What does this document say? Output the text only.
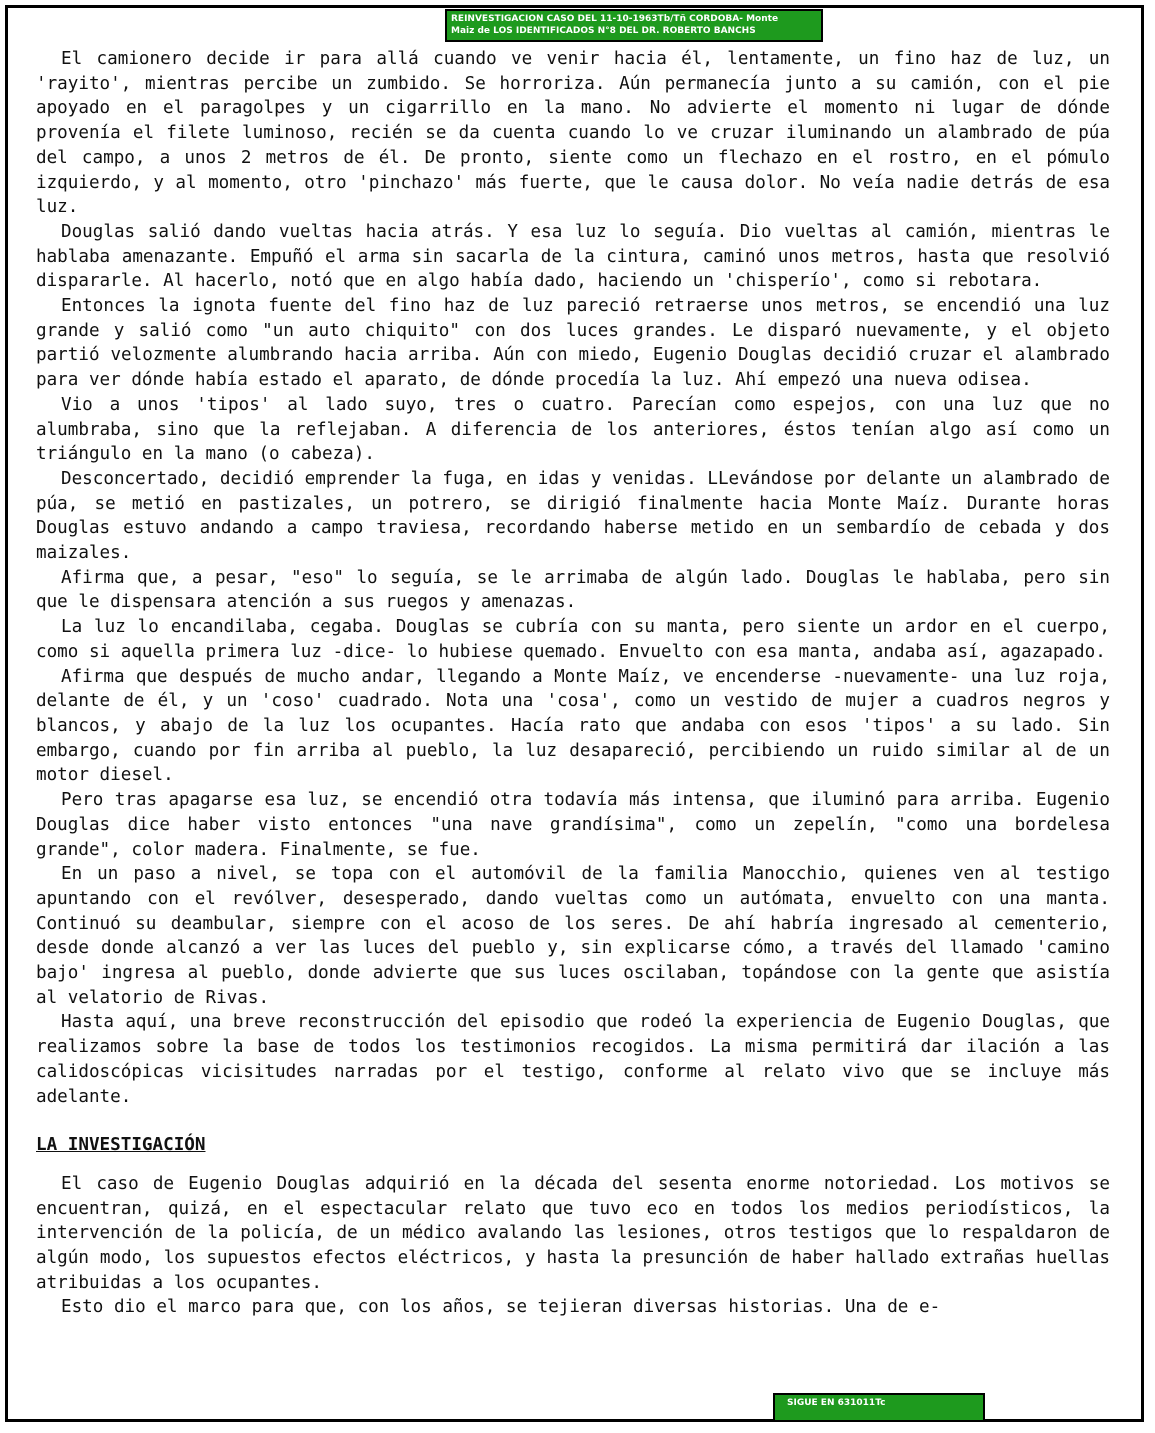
REINVESTIGACION CASO DEL 11-10-1963Tb/Tñ CORDOBA- Monte
Maiz de LOS IDENTIFICADOS N°8 DEL DR. ROBERTO BANCHS

El camionero decide ir para allá cuando ve venir hacia él, lentamente, un fino haz de luz, un 'rayito', mientras percibe un zumbido. Se horroriza. Aún permanecía junto a su camión, con el pie apoyado en el paragolpes y un cigarrillo en la mano. No advierte el momento ni lugar de dónde provenía el filete luminoso, recién se da cuenta cuando lo ve cruzar iluminando un alambrado de púa del campo, a unos 2 metros de él. De pronto, siente como un flechazo en el rostro, en el pómulo izquierdo, y al momento, otro 'pinchazo' más fuerte, que le causa dolor. No veía nadie detrás de esa luz.

Douglas salió dando vueltas hacia atrás. Y esa luz lo seguía. Dio vueltas al camión, mientras le hablaba amenazante. Empuñó el arma sin sacarla de la cintura, caminó unos metros, hasta que resolvió dispararle. Al hacerlo, notó que en algo había dado, haciendo un 'chisperío', como si rebotara.

Entonces la ignota fuente del fino haz de luz pareció retraerse unos metros, se encendió una luz grande y salió como "un auto chiquito" con dos luces grandes. Le disparó nuevamente, y el objeto partió velozmente alumbrando hacia arriba. Aún con miedo, Eugenio Douglas decidió cruzar el alambrado para ver dónde había estado el aparato, de dónde procedía la luz. Ahí empezó una nueva odisea.

Vio a unos 'tipos' al lado suyo, tres o cuatro. Parecían como espejos, con una luz que no alumbraba, sino que la reflejaban. A diferencia de los anteriores, éstos tenían algo así como un triángulo en la mano (o cabeza).

Desconcertado, decidió emprender la fuga, en idas y venidas. LLevándose por delante un alambrado de púa, se metió en pastizales, un potrero, se dirigió finalmente hacia Monte Maíz. Durante horas Douglas estuvo andando a campo traviesa, recordando haberse metido en un sembardío de cebada y dos maizales.

Afirma que, a pesar, "eso" lo seguía, se le arrimaba de algún lado. Douglas le hablaba, pero sin que le dispensara atención a sus ruegos y amenazas.

La luz lo encandilaba, cegaba. Douglas se cubría con su manta, pero siente un ardor en el cuerpo, como si aquella primera luz -dice- lo hubiese quemado. Envuelto con esa manta, andaba así, agazapado.

Afirma que después de mucho andar, llegando a Monte Maíz, ve encenderse -nuevamente- una luz roja, delante de él, y un 'coso' cuadrado. Nota una 'cosa', como un vestido de mujer a cuadros negros y blancos, y abajo de la luz los ocupantes. Hacía rato que andaba con esos 'tipos' a su lado. Sin embargo, cuando por fin arriba al pueblo, la luz desapareció, percibiendo un ruido similar al de un motor diesel.

Pero tras apagarse esa luz, se encendió otra todavía más intensa, que iluminó para arriba. Eugenio Douglas dice haber visto entonces "una nave grandísima", como un zepelín, "como una bordelesa grande", color madera. Finalmente, se fue.

En un paso a nivel, se topa con el automóvil de la familia Manocchio, quienes ven al testigo apuntando con el revólver, desesperado, dando vueltas como un autómata, envuelto con una manta. Continuó su deambular, siempre con el acoso de los seres. De ahí habría ingresado al cementerio, desde donde alcanzó a ver las luces del pueblo y, sin explicarse cómo, a través del llamado 'camino bajo' ingresa al pueblo, donde advierte que sus luces oscilaban, topándose con la gente que asistía al velatorio de Rivas.

Hasta aquí, una breve reconstrucción del episodio que rodeó la experiencia de Eugenio Douglas, que realizamos sobre la base de todos los testimonios recogidos. La misma permitirá dar ilación a las calidoscópicas vicisitudes narradas por el testigo, conforme al relato vivo que se incluye más adelante.

LA INVESTIGACIÓN

El caso de Eugenio Douglas adquirió en la década del sesenta enorme notoriedad. Los motivos se encuentran, quizá, en el espectacular relato que tuvo eco en todos los medios periodísticos, la intervención de la policía, de un médico avalando las lesiones, otros testigos que lo respaldaron de algún modo, los supuestos efectos eléctricos, y hasta la presunción de haber hallado extrañas huellas atribuidas a los ocupantes.

Esto dio el marco para que, con los años, se tejieran diversas historias. Una de e-

SIGUE EN 631011Tc
